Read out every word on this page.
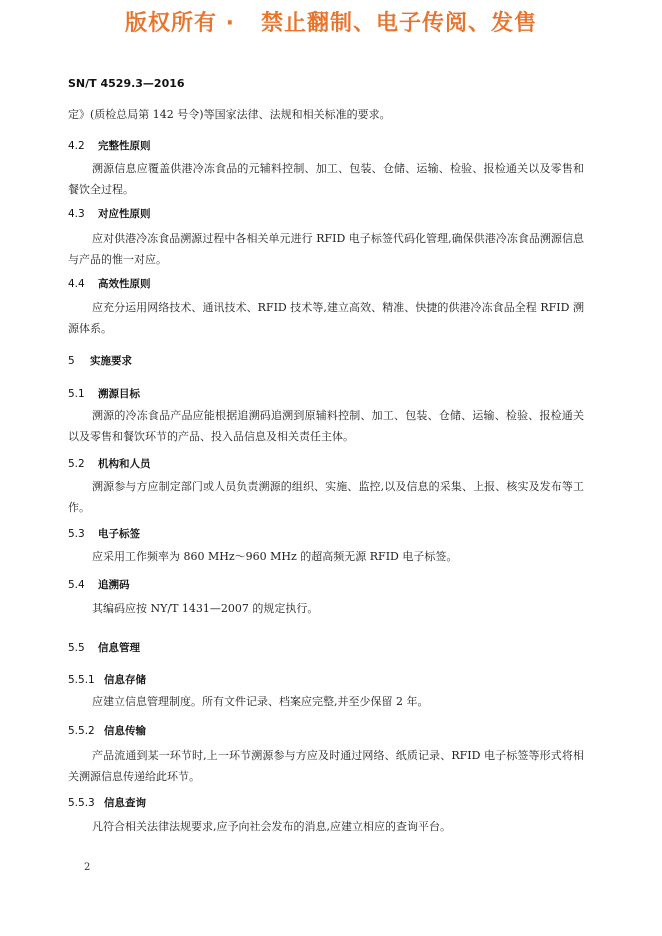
版权所有 ·   禁止翻制、电子传阅、发售
SN/T 4529.3—2016

定》(质检总局第 142 号令)等国家法律、法规和相关标准的要求。

4.2 完整性原则

溯源信息应覆盖供港冷冻食品的元辅料控制、加工、包装、仓储、运输、检验、报检通关以及零售和餐饮全过程。

4.3 对应性原则

应对供港冷冻食品溯源过程中各相关单元进行 RFID 电子标签代码化管理,确保供港冷冻食品溯源信息与产品的惟一对应。

4.4 高效性原则

应充分运用网络技术、通讯技术、RFID 技术等,建立高效、精准、快捷的供港冷冻食品全程 RFID 溯源体系。

5 实施要求
5.1 溯源目标

溯源的冷冻食品产品应能根据追溯码追溯到原辅料控制、加工、包装、仓储、运输、检验、报检通关以及零售和餐饮环节的产品、投入品信息及相关责任主体。

5.2 机构和人员

溯源参与方应制定部门或人员负责溯源的组织、实施、监控,以及信息的采集、上报、核实及发布等工作。

5.3 电子标签

应采用工作频率为 860 MHz～960 MHz 的超高频无源 RFID 电子标签。

5.4 追溯码

其编码应按 NY/T 1431—2007 的规定执行。

5.5 信息管理
5.5.1 信息存储

应建立信息管理制度。所有文件记录、档案应完整,并至少保留 2 年。

5.5.2 信息传输

产品流通到某一环节时,上一环节溯源参与方应及时通过网络、纸质记录、RFID 电子标签等形式将相关溯源信息传递给此环节。

5.5.3 信息查询

凡符合相关法律法规要求,应予向社会发布的消息,应建立相应的查询平台。

2
